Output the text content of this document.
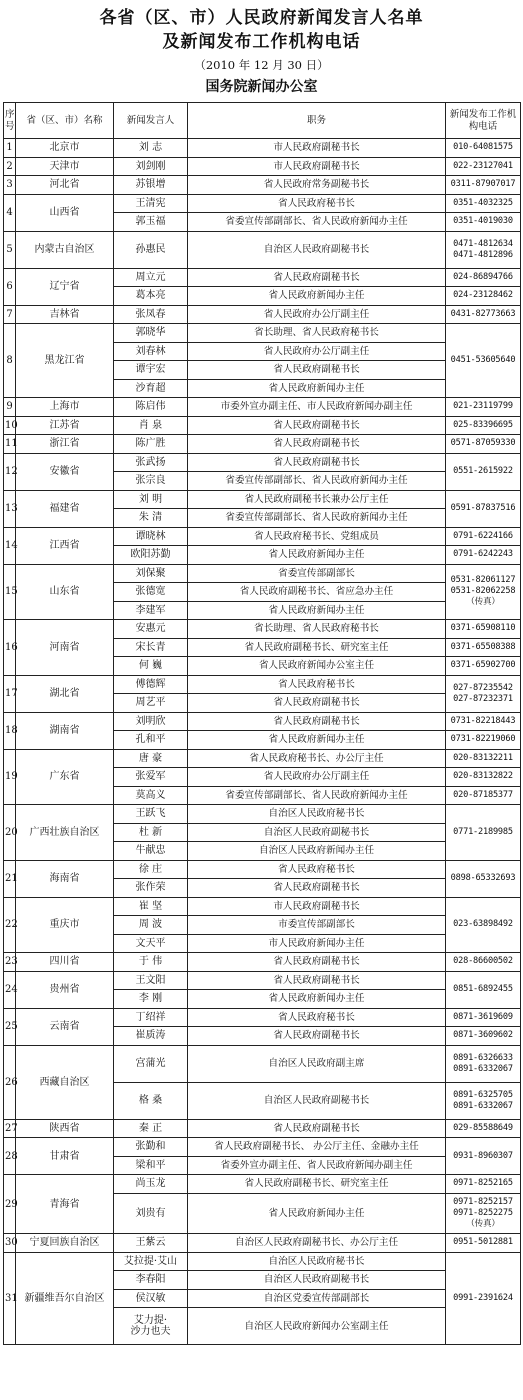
各省（区、市）人民政府新闻发言人名单
及新闻发布工作机构电话
（2010 年 12 月 30 日）
国务院新闻办公室
序号	省（区、市）名称	新闻发言人	职务	新闻发布工作机构电话
1	北京市	刘 志	市人民政府副秘书长	010-64081575
2	天津市	刘剑刚	市人民政府副秘书长	022-23127041
3	河北省	苏银增	省人民政府常务副秘书长	0311-87907017
4	山西省	王清宪	省人民政府秘书长	0351-4032325
		郭玉福	省委宣传部副部长、省人民政府新闻办主任	0351-4019030
5	内蒙古自治区	孙惠民	自治区人民政府副秘书长	0471-4812634
0471-4812896
6	辽宁省	周立元	省人民政府副秘书长	024-86894766
		葛本亮	省人民政府新闻办主任	024-23128462
7	吉林省	张凤春	省人民政府办公厅副主任	0431-82773663
8	黑龙江省	郭晓华	省长助理、省人民政府秘书长	0451-53605640
		刘春林	省人民政府办公厅副主任	
		谭宇宏	省人民政府副秘书长	
		沙育超	省人民政府新闻办主任	
9	上海市	陈启伟	市委外宣办副主任、市人民政府新闻办副主任	021-23119799
10	江苏省	肖 泉	省人民政府副秘书长	025-83396695
11	浙江省	陈广胜	省人民政府副秘书长	0571-87059330
12	安徽省	张武扬	省人民政府副秘书长	0551-2615922
		张宗良	省委宣传部副部长、省人民政府新闻办主任	
13	福建省	刘 明	省人民政府副秘书长兼办公厅主任	0591-87837516
		朱 清	省委宣传部副部长、省人民政府新闻办主任	
14	江西省	谭晓林	省人民政府秘书长、党组成员	0791-6224166
		欧阳苏勤	省人民政府新闻办主任	0791-6242243
15	山东省	刘保聚	省委宣传部副部长	0531-82061127
0531-82062258
（传真）
		张德宽	省人民政府副秘书长、省应急办主任	
		李建军	省人民政府新闻办主任	
16	河南省	安惠元	省长助理、省人民政府秘书长	0371-65908110
		宋长青	省人民政府副秘书长、研究室主任	0371-65508388
		何 巍	省人民政府新闻办公室主任	0371-65902700
17	湖北省	傅德辉	省人民政府秘书长	027-87235542
027-87232371
		周艺平	省人民政府副秘书长	
18	湖南省	刘明欣	省人民政府副秘书长	0731-82218443
		孔和平	省人民政府新闻办主任	0731-82219060
19	广东省	唐 豪	省人民政府秘书长、办公厅主任	020-83132211
		张爱军	省人民政府办公厅副主任	020-83132822
		莫高义	省委宣传部副部长、省人民政府新闻办主任	020-87185377
20	广西壮族自治区	王跃飞	自治区人民政府秘书长	0771-2189985
		杜 新	自治区人民政府副秘书长	
		牛献忠	自治区人民政府新闻办主任	
21	海南省	徐 庄	省人民政府秘书长	0898-65332693
		张作荣	省人民政府副秘书长	
22	重庆市	崔 坚	市人民政府副秘书长	023-63898492
		周 波	市委宣传部副部长	
		文天平	市人民政府新闻办主任	
23	四川省	于 伟	省人民政府副秘书长	028-86600502
24	贵州省	王文阳	省人民政府副秘书长	0851-6892455
		李 刚	省人民政府新闻办主任	
25	云南省	丁绍祥	省人民政府秘书长	0871-3619609
		崔质涛	省人民政府副秘书长	0871-3609602
26	西藏自治区	宫蒲光	自治区人民政府副主席	0891-6326633
0891-6332067
		格 桑	自治区人民政府副秘书长	0891-6325705
0891-6332067
27	陕西省	秦 正	省人民政府副秘书长	029-85588649
28	甘肃省	张勤和	省人民政府副秘书长、 办公厅主任、金融办主任	0931-8960307
		梁和平	省委外宣办副主任、省人民政府新闻办副主任	
29	青海省	尚玉龙	省人民政府副秘书长、研究室主任	0971-8252165
		刘贵有	省人民政府新闻办主任	0971-8252157
0971-8252275
（传真）
30	宁夏回族自治区	王紫云	自治区人民政府副秘书长、办公厅主任	0951-5012881
31	新疆维吾尔自治区	艾拉提·艾山	自治区人民政府秘书长	0991-2391624
		李春阳	自治区人民政府副秘书长	
		侯汉敏	自治区党委宣传部副部长	
		艾力提·
沙力也夫	自治区人民政府新闻办公室副主任	
